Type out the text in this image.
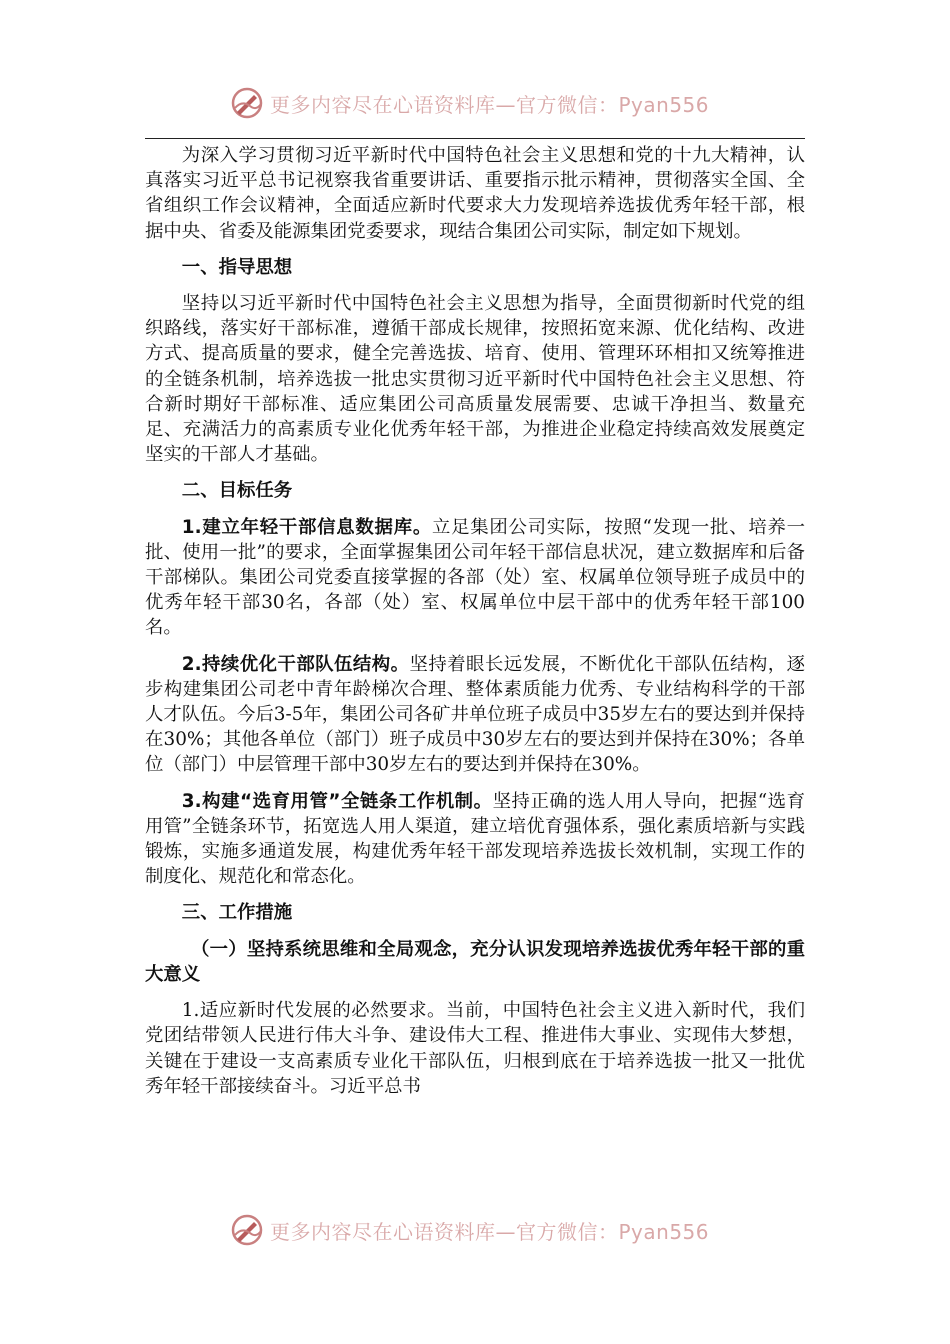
更多内容尽在心语资料库—官方微信：Pyan556

为深入学习贯彻习近平新时代中国特色社会主义思想和党的十九大精神，认真落实习近平总书记视察我省重要讲话、重要指示批示精神，贯彻落实全国、全省组织工作会议精神，全面适应新时代要求大力发现培养选拔优秀年轻干部，根据中央、省委及能源集团党委要求，现结合集团公司实际，制定如下规划。

一、指导思想

坚持以习近平新时代中国特色社会主义思想为指导，全面贯彻新时代党的组织路线，落实好干部标准，遵循干部成长规律，按照拓宽来源、优化结构、改进方式、提高质量的要求，健全完善选拔、培育、使用、管理环环相扣又统筹推进的全链条机制，培养选拔一批忠实贯彻习近平新时代中国特色社会主义思想、符合新时期好干部标准、适应集团公司高质量发展需要、忠诚干净担当、数量充足、充满活力的高素质专业化优秀年轻干部，为推进企业稳定持续高效发展奠定坚实的干部人才基础。

二、目标任务

1.建立年轻干部信息数据库。立足集团公司实际，按照“发现一批、培养一批、使用一批”的要求，全面掌握集团公司年轻干部信息状况，建立数据库和后备干部梯队。集团公司党委直接掌握的各部（处）室、权属单位领导班子成员中的优秀年轻干部30名，各部（处）室、权属单位中层干部中的优秀年轻干部100名。

2.持续优化干部队伍结构。坚持着眼长远发展，不断优化干部队伍结构，逐步构建集团公司老中青年龄梯次合理、整体素质能力优秀、专业结构科学的干部人才队伍。今后3-5年，集团公司各矿井单位班子成员中35岁左右的要达到并保持在30%；其他各单位（部门）班子成员中30岁左右的要达到并保持在30%；各单位（部门）中层管理干部中30岁左右的要达到并保持在30%。

3.构建“选育用管”全链条工作机制。坚持正确的选人用人导向，把握“选育用管”全链条环节，拓宽选人用人渠道，建立培优育强体系，强化素质培新与实践锻炼，实施多通道发展，构建优秀年轻干部发现培养选拔长效机制，实现工作的制度化、规范化和常态化。

三、工作措施
（一）坚持系统思维和全局观念，充分认识发现培养选拔优秀年轻干部的重大意义

1.适应新时代发展的必然要求。当前，中国特色社会主义进入新时代，我们党团结带领人民进行伟大斗争、建设伟大工程、推进伟大事业、实现伟大梦想，关键在于建设一支高素质专业化干部队伍，归根到底在于培养选拔一批又一批优秀年轻干部接续奋斗。习近平总书

更多内容尽在心语资料库—官方微信：Pyan556
